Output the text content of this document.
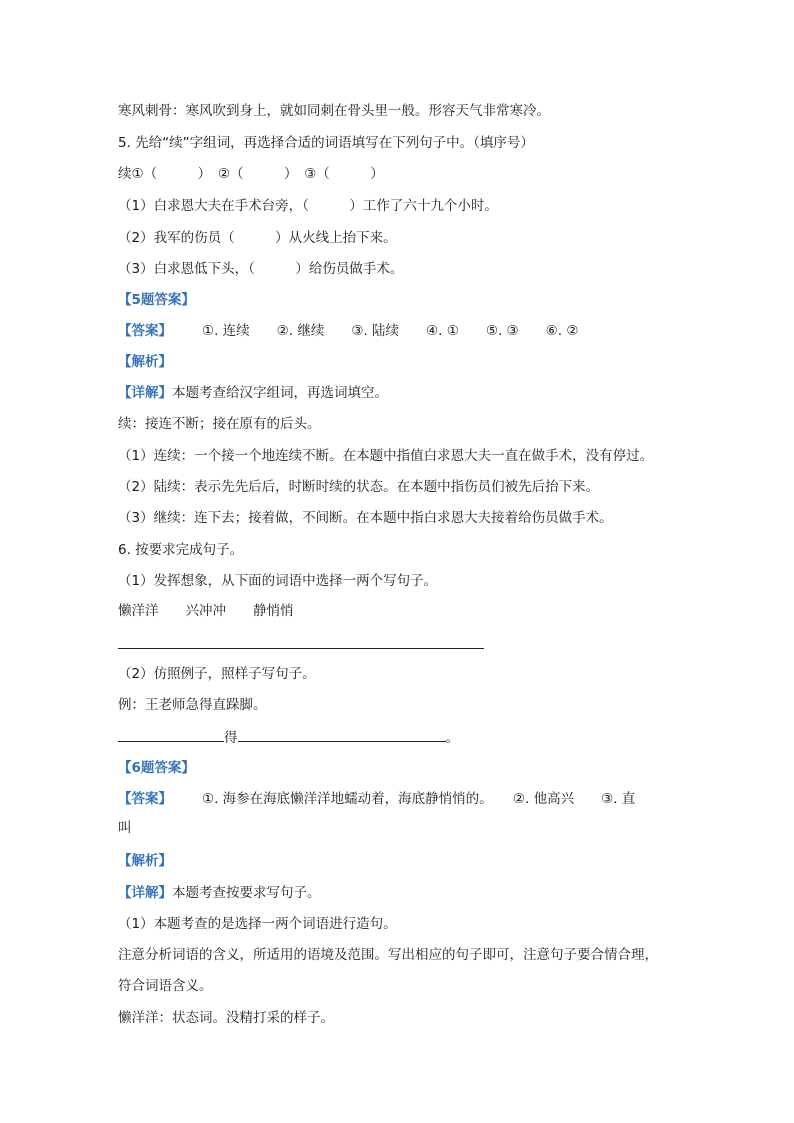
寒风刺骨：寒风吹到身上，就如同刺在骨头里一般。形容天气非常寒冷。
5. 先给“续”字组词，再选择合适的词语填写在下列句子中。（填序号）
续①（　　　）　②（　　　）　③（　　　）
（1）白求恩大夫在手术台旁，（　　　）工作了六十九个小时。
（2）我军的伤员（　　　）从火线上抬下来。
（3）白求恩低下头，（　　　）给伤员做手术。
【5题答案】
【答案】 ①. 连续　　②. 继续　　③. 陆续　　④. ①　　⑤. ③　　⑥. ②
【解析】
【详解】本题考查给汉字组词，再选词填空。
续：接连不断；接在原有的后头。
（1）连续：一个接一个地连续不断。在本题中指值白求恩大夫一直在做手术，没有停过。
（2）陆续：表示先先后后，时断时续的状态。在本题中指伤员们被先后抬下来。
（3）继续：连下去；接着做，不间断。在本题中指白求恩大夫接着给伤员做手术。
6. 按要求完成句子。
（1）发挥想象，从下面的词语中选择一两个写句子。
懒洋洋　　兴冲冲　　静悄悄
（2）仿照例子，照样子写句子。
例：王老师急得直跺脚。
得	。
【6题答案】
【答案】 ①. 海参在海底懒洋洋地蠕动着，海底静悄悄的。　　②. 他高兴　　③. 直
叫
【解析】
【详解】本题考查按要求写句子。
（1）本题考查的是选择一两个词语进行造句。
注意分析词语的含义，所适用的语境及范围。写出相应的句子即可，注意句子要合情合理，
符合词语含义。
懒洋洋：状态词。没精打采的样子。
